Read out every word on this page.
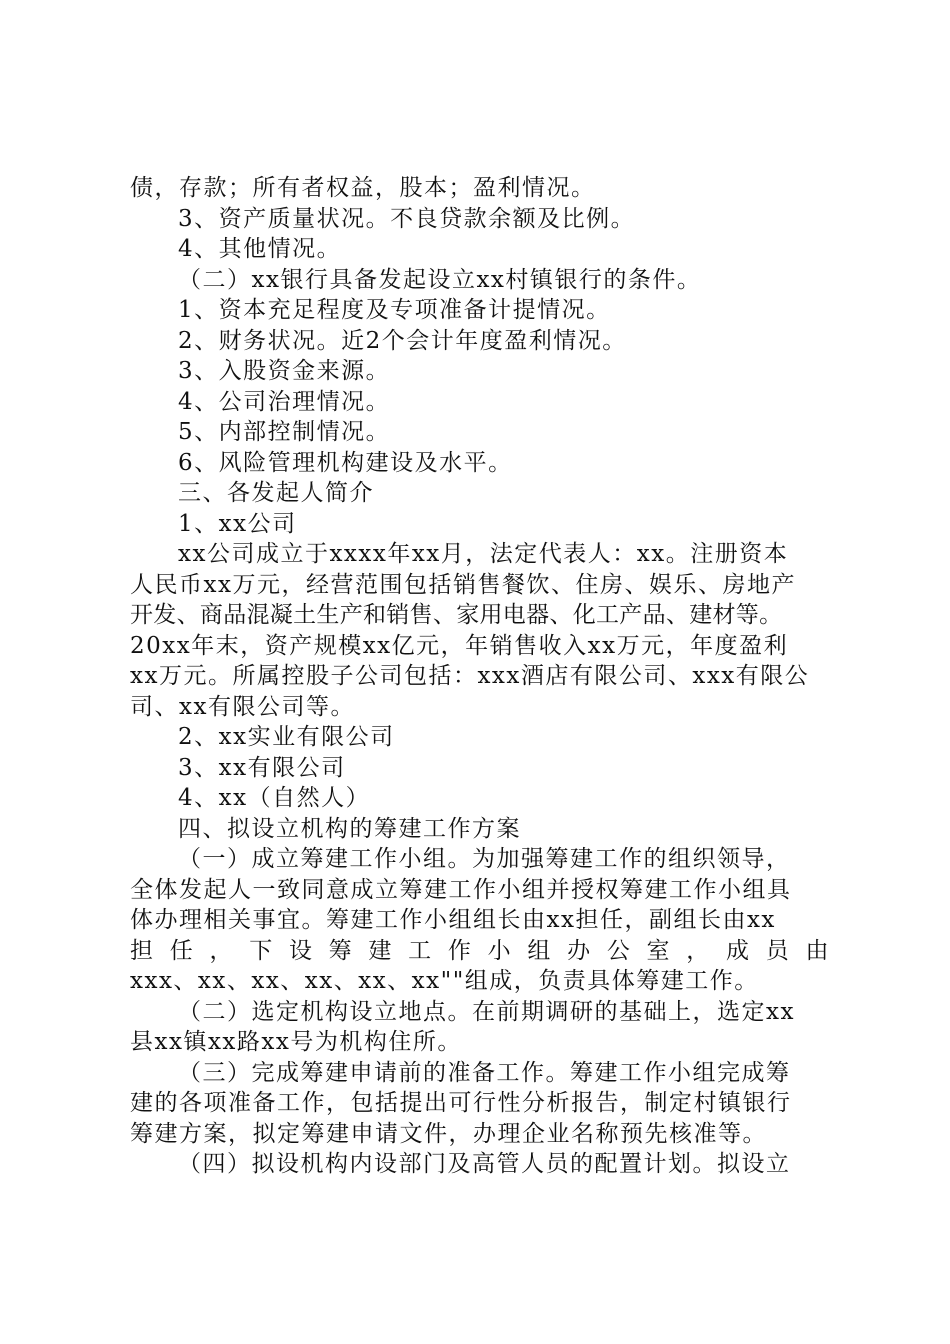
债，存款；所有者权益，股本；盈利情况。
3、资产质量状况。不良贷款余额及比例。
4、其他情况。
（二）xx银行具备发起设立xx村镇银行的条件。
1、资本充足程度及专项准备计提情况。
2、财务状况。近2个会计年度盈利情况。
3、入股资金来源。
4、公司治理情况。
5、内部控制情况。
6、风险管理机构建设及水平。
三、各发起人简介
1、xx公司
xx公司成立于xxxx年xx月，法定代表人：xx。注册资本
人民币xx万元，经营范围包括销售餐饮、住房、娱乐、房地产
开发、商品混凝土生产和销售、家用电器、化工产品、建材等。
20xx年末，资产规模xx亿元，年销售收入xx万元，年度盈利
xx万元。所属控股子公司包括：xxx酒店有限公司、xxx有限公
司、xx有限公司等。
2、xx实业有限公司
3、xx有限公司
4、xx（自然人）
四、拟设立机构的筹建工作方案
（一）成立筹建工作小组。为加强筹建工作的组织领导，
全体发起人一致同意成立筹建工作小组并授权筹建工作小组具
体办理相关事宜。筹建工作小组组长由xx担任，副组长由xx
担 任 ， 下 设 筹 建 工 作 小 组 办 公 室 ， 成 员 由
xxx、xx、xx、xx、xx、xx""组成，负责具体筹建工作。
（二）选定机构设立地点。在前期调研的基础上，选定xx
县xx镇xx路xx号为机构住所。
（三）完成筹建申请前的准备工作。筹建工作小组完成筹
建的各项准备工作，包括提出可行性分析报告，制定村镇银行
筹建方案，拟定筹建申请文件，办理企业名称预先核准等。
（四）拟设机构内设部门及高管人员的配置计划。拟设立
